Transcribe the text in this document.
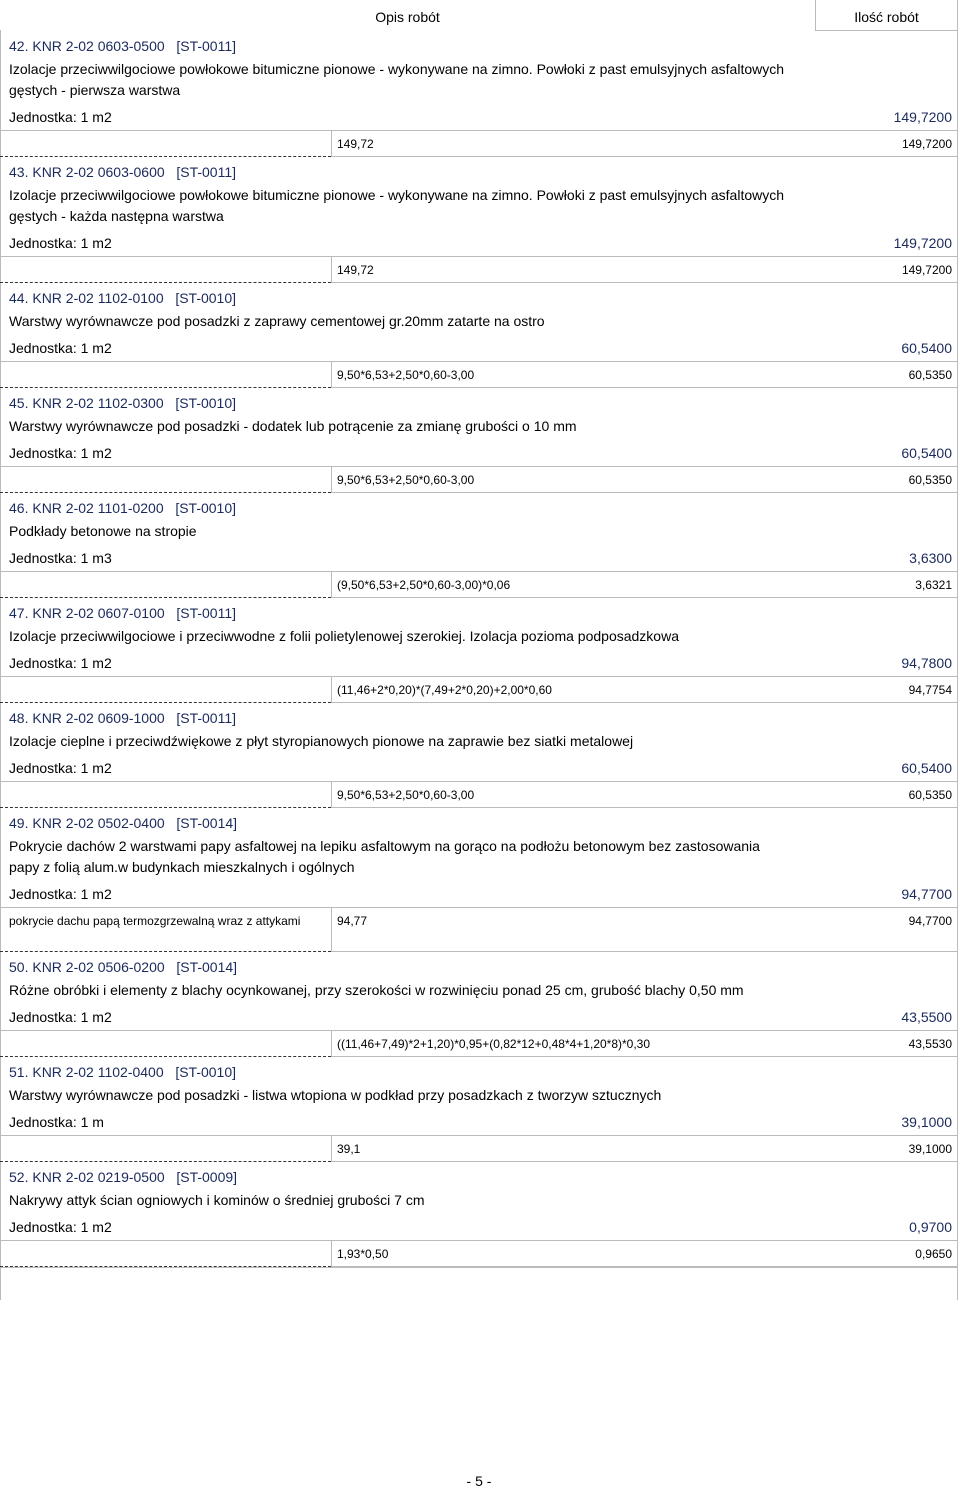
Opis robót	Ilość robót
42. KNR 2-02 0603-0500 [ST-0011]
Izolacje przeciwwilgociowe powłokowe bitumiczne pionowe - wykonywane na zimno. Powłoki z past emulsyjnych asfaltowych gęstych - pierwsza warstwa
Jednostka: 1 m2	149,7200
149,72	149,7200
43. KNR 2-02 0603-0600 [ST-0011]
Izolacje przeciwwilgociowe powłokowe bitumiczne pionowe - wykonywane na zimno. Powłoki z past emulsyjnych asfaltowych gęstych - każda następna warstwa
Jednostka: 1 m2	149,7200
149,72	149,7200
44. KNR 2-02 1102-0100 [ST-0010]
Warstwy wyrównawcze pod posadzki z zaprawy cementowej gr.20mm zatarte na ostro
Jednostka: 1 m2	60,5400
9,50*6,53+2,50*0,60-3,00	60,5350
45. KNR 2-02 1102-0300 [ST-0010]
Warstwy wyrównawcze pod posadzki - dodatek lub potrącenie za zmianę grubości o 10 mm
Jednostka: 1 m2	60,5400
9,50*6,53+2,50*0,60-3,00	60,5350
46. KNR 2-02 1101-0200 [ST-0010]
Podkłady betonowe na stropie
Jednostka: 1 m3	3,6300
(9,50*6,53+2,50*0,60-3,00)*0,06	3,6321
47. KNR 2-02 0607-0100 [ST-0011]
Izolacje przeciwwilgociowe i przeciwwodne z folii polietylenowej szerokiej. Izolacja pozioma podposadzkowa
Jednostka: 1 m2	94,7800
(11,46+2*0,20)*(7,49+2*0,20)+2,00*0,60	94,7754
48. KNR 2-02 0609-1000 [ST-0011]
Izolacje cieplne i przeciwdźwiękowe z płyt styropianowych pionowe na zaprawie bez siatki metalowej
Jednostka: 1 m2	60,5400
9,50*6,53+2,50*0,60-3,00	60,5350
49. KNR 2-02 0502-0400 [ST-0014]
Pokrycie dachów 2 warstwami papy asfaltowej na lepiku asfaltowym na gorąco na podłożu betonowym bez zastosowania papy z folią alum.w budynkach mieszkalnych i ogólnych
Jednostka: 1 m2	94,7700
pokrycie dachu papą termozgrzewalną wraz z attykami	94,77	94,7700
50. KNR 2-02 0506-0200 [ST-0014]
Różne obróbki i elementy z blachy ocynkowanej, przy szerokości w rozwinięciu ponad 25 cm, grubość blachy 0,50 mm
Jednostka: 1 m2	43,5500
((11,46+7,49)*2+1,20)*0,95+(0,82*12+0,48*4+1,20*8)*0,30	43,5530
51. KNR 2-02 1102-0400 [ST-0010]
Warstwy wyrównawcze pod posadzki - listwa wtopiona w podkład przy posadzkach z tworzyw sztucznych
Jednostka: 1 m	39,1000
39,1	39,1000
52. KNR 2-02 0219-0500 [ST-0009]
Nakrywy attyk ścian ogniowych i kominów o średniej grubości 7 cm
Jednostka: 1 m2	0,9700
1,93*0,50	0,9650
- 5 -
